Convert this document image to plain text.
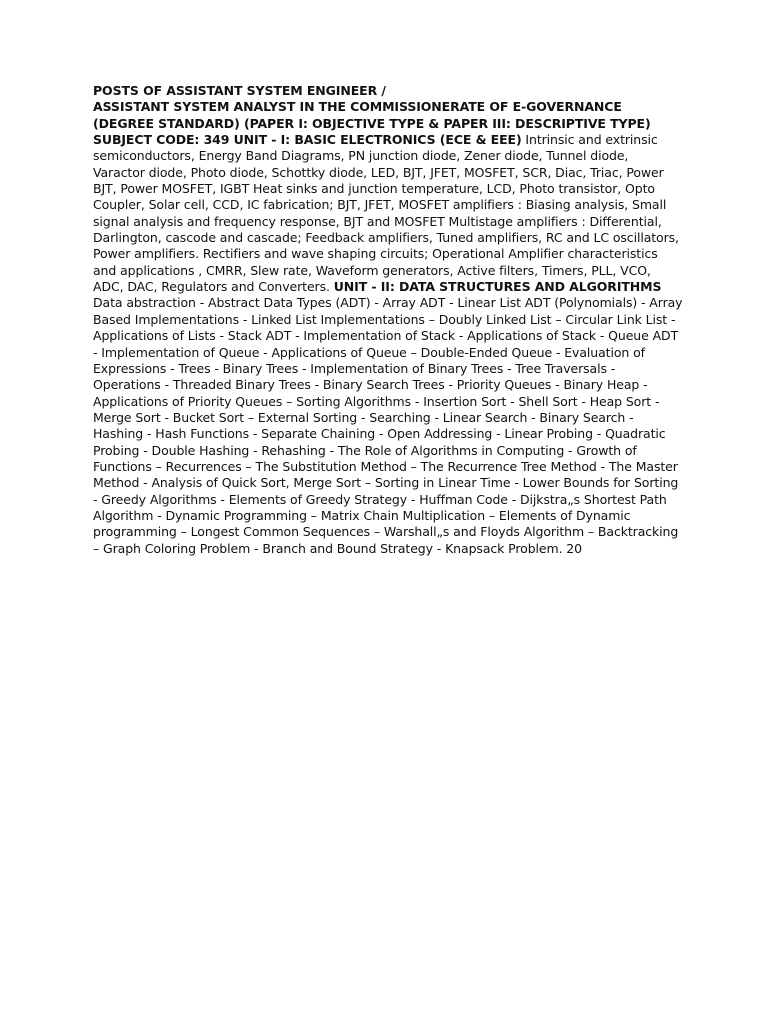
POSTS OF ASSISTANT SYSTEM ENGINEER /
ASSISTANT SYSTEM ANALYST IN THE COMMISSIONERATE OF E-GOVERNANCE
(DEGREE STANDARD) (PAPER I: OBJECTIVE TYPE & PAPER III: DESCRIPTIVE TYPE) SUBJECT CODE: 349 UNIT - I: BASIC ELECTRONICS (ECE & EEE) Intrinsic and extrinsic semiconductors, Energy Band Diagrams, PN junction diode, Zener diode, Tunnel diode, Varactor diode, Photo diode, Schottky diode, LED, BJT, JFET, MOSFET, SCR, Diac, Triac, Power BJT, Power MOSFET, IGBT Heat sinks and junction temperature, LCD, Photo transistor, Opto Coupler, Solar cell, CCD, IC fabrication; BJT, JFET, MOSFET amplifiers : Biasing analysis, Small signal analysis and frequency response, BJT and MOSFET Multistage amplifiers : Differential, Darlington, cascode and cascade; Feedback amplifiers, Tuned amplifiers, RC and LC oscillators, Power amplifiers. Rectifiers and wave shaping circuits; Operational Amplifier characteristics and applications , CMRR, Slew rate, Waveform generators, Active filters, Timers, PLL, VCO, ADC, DAC, Regulators and Converters. UNIT - II: DATA STRUCTURES AND ALGORITHMS Data abstraction - Abstract Data Types (ADT) - Array ADT - Linear List ADT (Polynomials) - Array Based Implementations - Linked List Implementations – Doubly Linked List – Circular Link List - Applications of Lists - Stack ADT - Implementation of Stack - Applications of Stack - Queue ADT - Implementation of Queue - Applications of Queue – Double-Ended Queue - Evaluation of Expressions - Trees - Binary Trees - Implementation of Binary Trees - Tree Traversals - Operations - Threaded Binary Trees - Binary Search Trees - Priority Queues - Binary Heap - Applications of Priority Queues – Sorting Algorithms - Insertion Sort - Shell Sort - Heap Sort - Merge Sort - Bucket Sort – External Sorting - Searching - Linear Search - Binary Search - Hashing - Hash Functions - Separate Chaining - Open Addressing - Linear Probing - Quadratic Probing - Double Hashing - Rehashing - The Role of Algorithms in Computing - Growth of Functions – Recurrences – The Substitution Method – The Recurrence Tree Method - The Master Method - Analysis of Quick Sort, Merge Sort – Sorting in Linear Time - Lower Bounds for Sorting - Greedy Algorithms - Elements of Greedy Strategy - Huffman Code - Dijkstra„s Shortest Path Algorithm - Dynamic Programming – Matrix Chain Multiplication – Elements of Dynamic programming – Longest Common Sequences – Warshall„s and Floyds Algorithm – Backtracking – Graph Coloring Problem - Branch and Bound Strategy - Knapsack Problem. 20
